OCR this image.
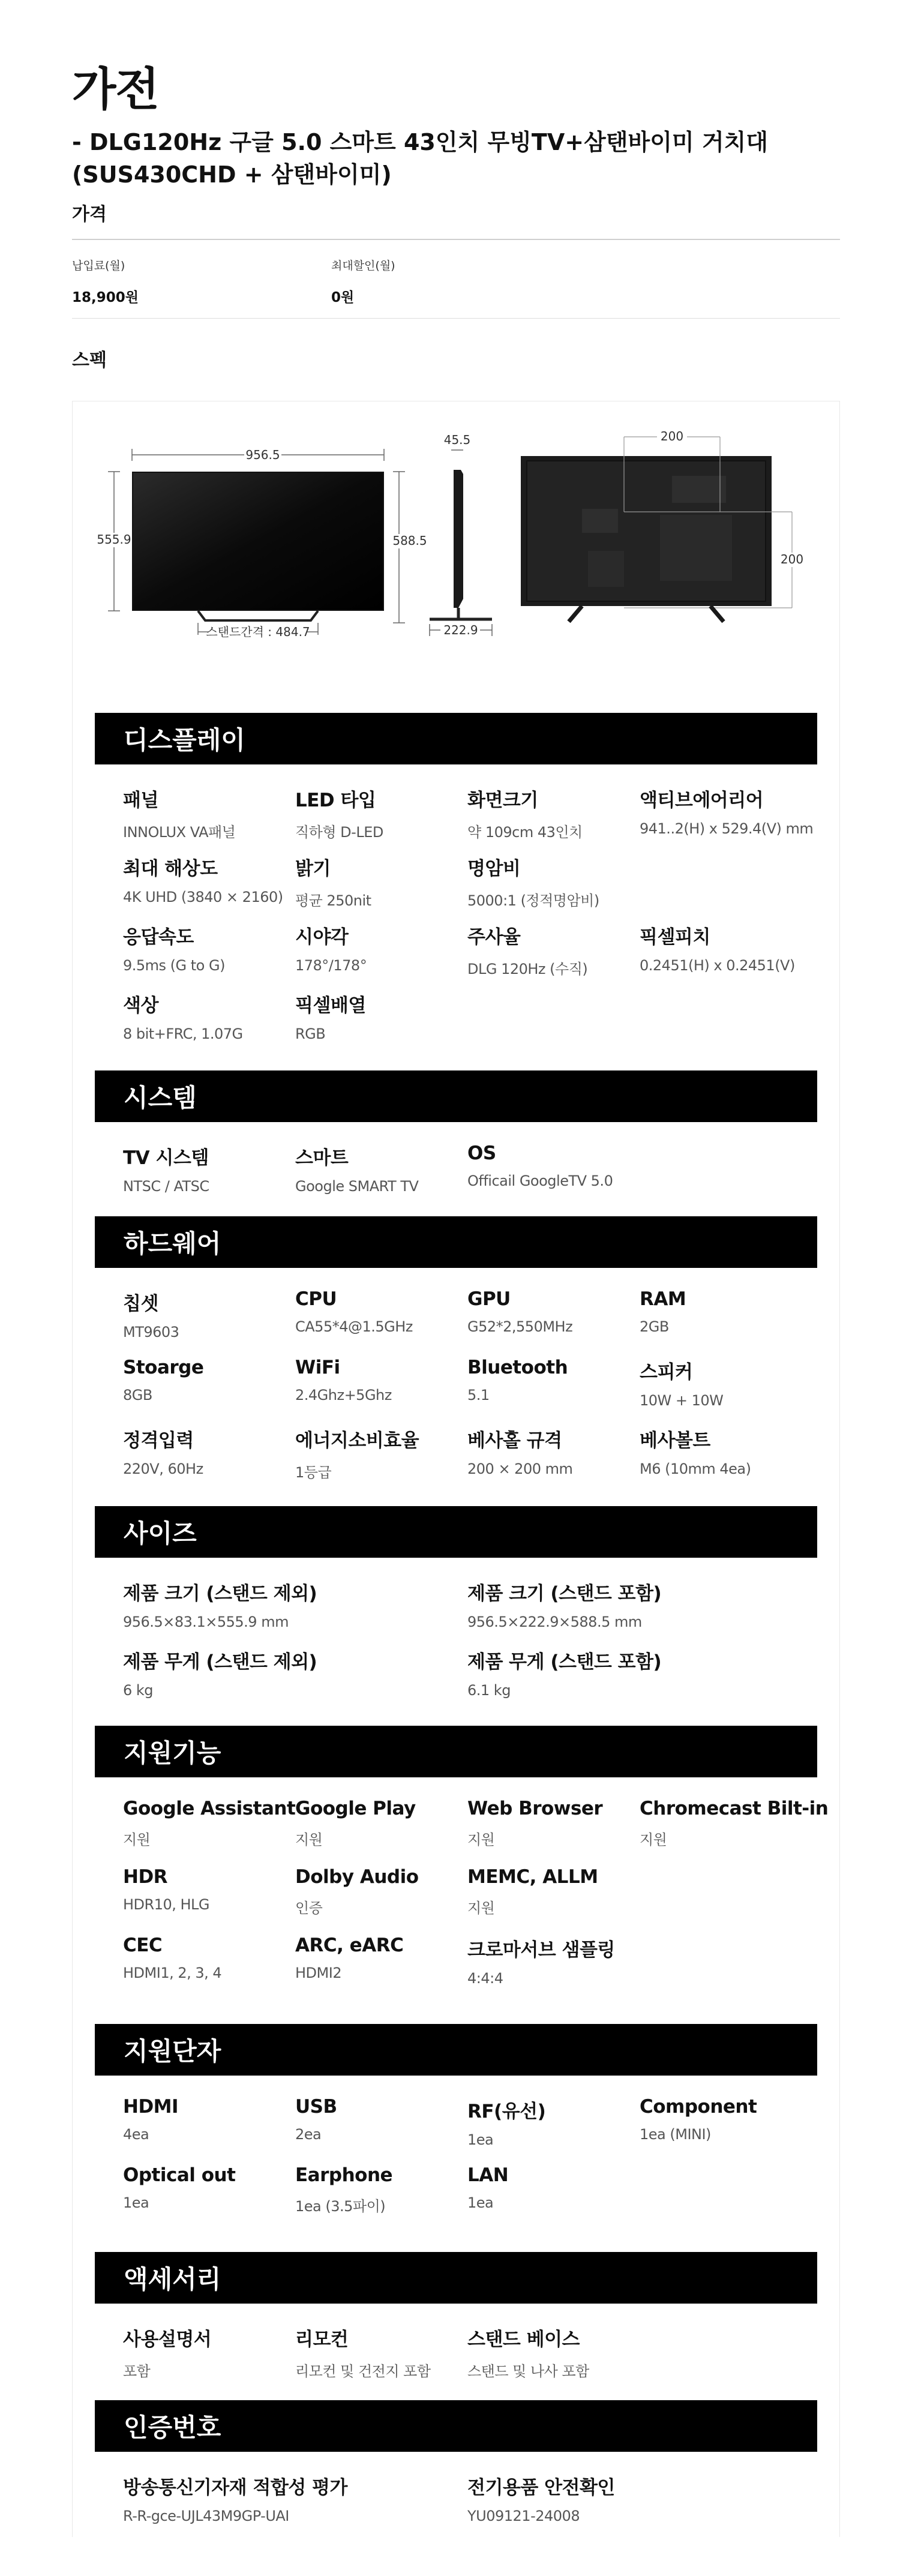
가전
- DLG120Hz 구글 5.0 스마트 43인치 무빙TV+삼탠바이미 거치대 (SUS430CHD + 삼탠바이미)
가격
납입료(월)
18,900원
최대할인(월)
0원
스펙
956.5
555.9	588.5
스탠드간격 : 484.7
45.5
222.9
200
200
디스플레이
패널
INNOLUX VA패널
LED 타입
직하형 D-LED
화면크기
약 109cm 43인치
액티브에어리어
941..2(H) x 529.4(V) mm
최대 해상도
4K UHD (3840 × 2160)
밝기
평균 250nit
명암비
5000:1 (정적명암비)
응답속도
9.5ms (G to G)
시야각
178°/178°
주사율
DLG 120Hz (수직)
픽셀피치
0.2451(H) x 0.2451(V)
색상
8 bit+FRC, 1.07G
픽셀배열
RGB
시스템
TV 시스템
NTSC / ATSC
스마트
Google SMART TV
OS
Officail GoogleTV 5.0
하드웨어
칩셋
MT9603
CPU
CA55*4@1.5GHz
GPU
G52*2,550MHz
RAM
2GB
Stoarge
8GB
WiFi
2.4Ghz+5Ghz
Bluetooth
5.1
스피커
10W + 10W
정격입력
220V, 60Hz
에너지소비효율
1등급
베사홀 규격
200 × 200 mm
베사볼트
M6 (10mm 4ea)
사이즈
제품 크기 (스탠드 제외)
956.5×83.1×555.9 mm
제품 크기 (스탠드 포함)
956.5×222.9×588.5 mm
제품 무게 (스탠드 제외)
6 kg
제품 무게 (스탠드 포함)
6.1 kg
지원기능
Google Assistant
지원
Google Play
지원
Web Browser
지원
Chromecast Bilt-in
지원
HDR
HDR10, HLG
Dolby Audio
인증
MEMC, ALLM
지원
CEC
HDMI1, 2, 3, 4
ARC, eARC
HDMI2
크로마서브 샘플링
4:4:4
지원단자
HDMI
4ea
USB
2ea
RF(유선)
1ea
Component
1ea (MINI)
Optical out
1ea
Earphone
1ea (3.5파이)
LAN
1ea
액세서리
사용설명서
포함
리모컨
리모컨 및 건전지 포함
스탠드 베이스
스탠드 및 나사 포함
인증번호
방송통신기자재 적합성 평가
R-R-gce-UJL43M9GP-UAI
전기용품 안전확인
YU09121-24008
